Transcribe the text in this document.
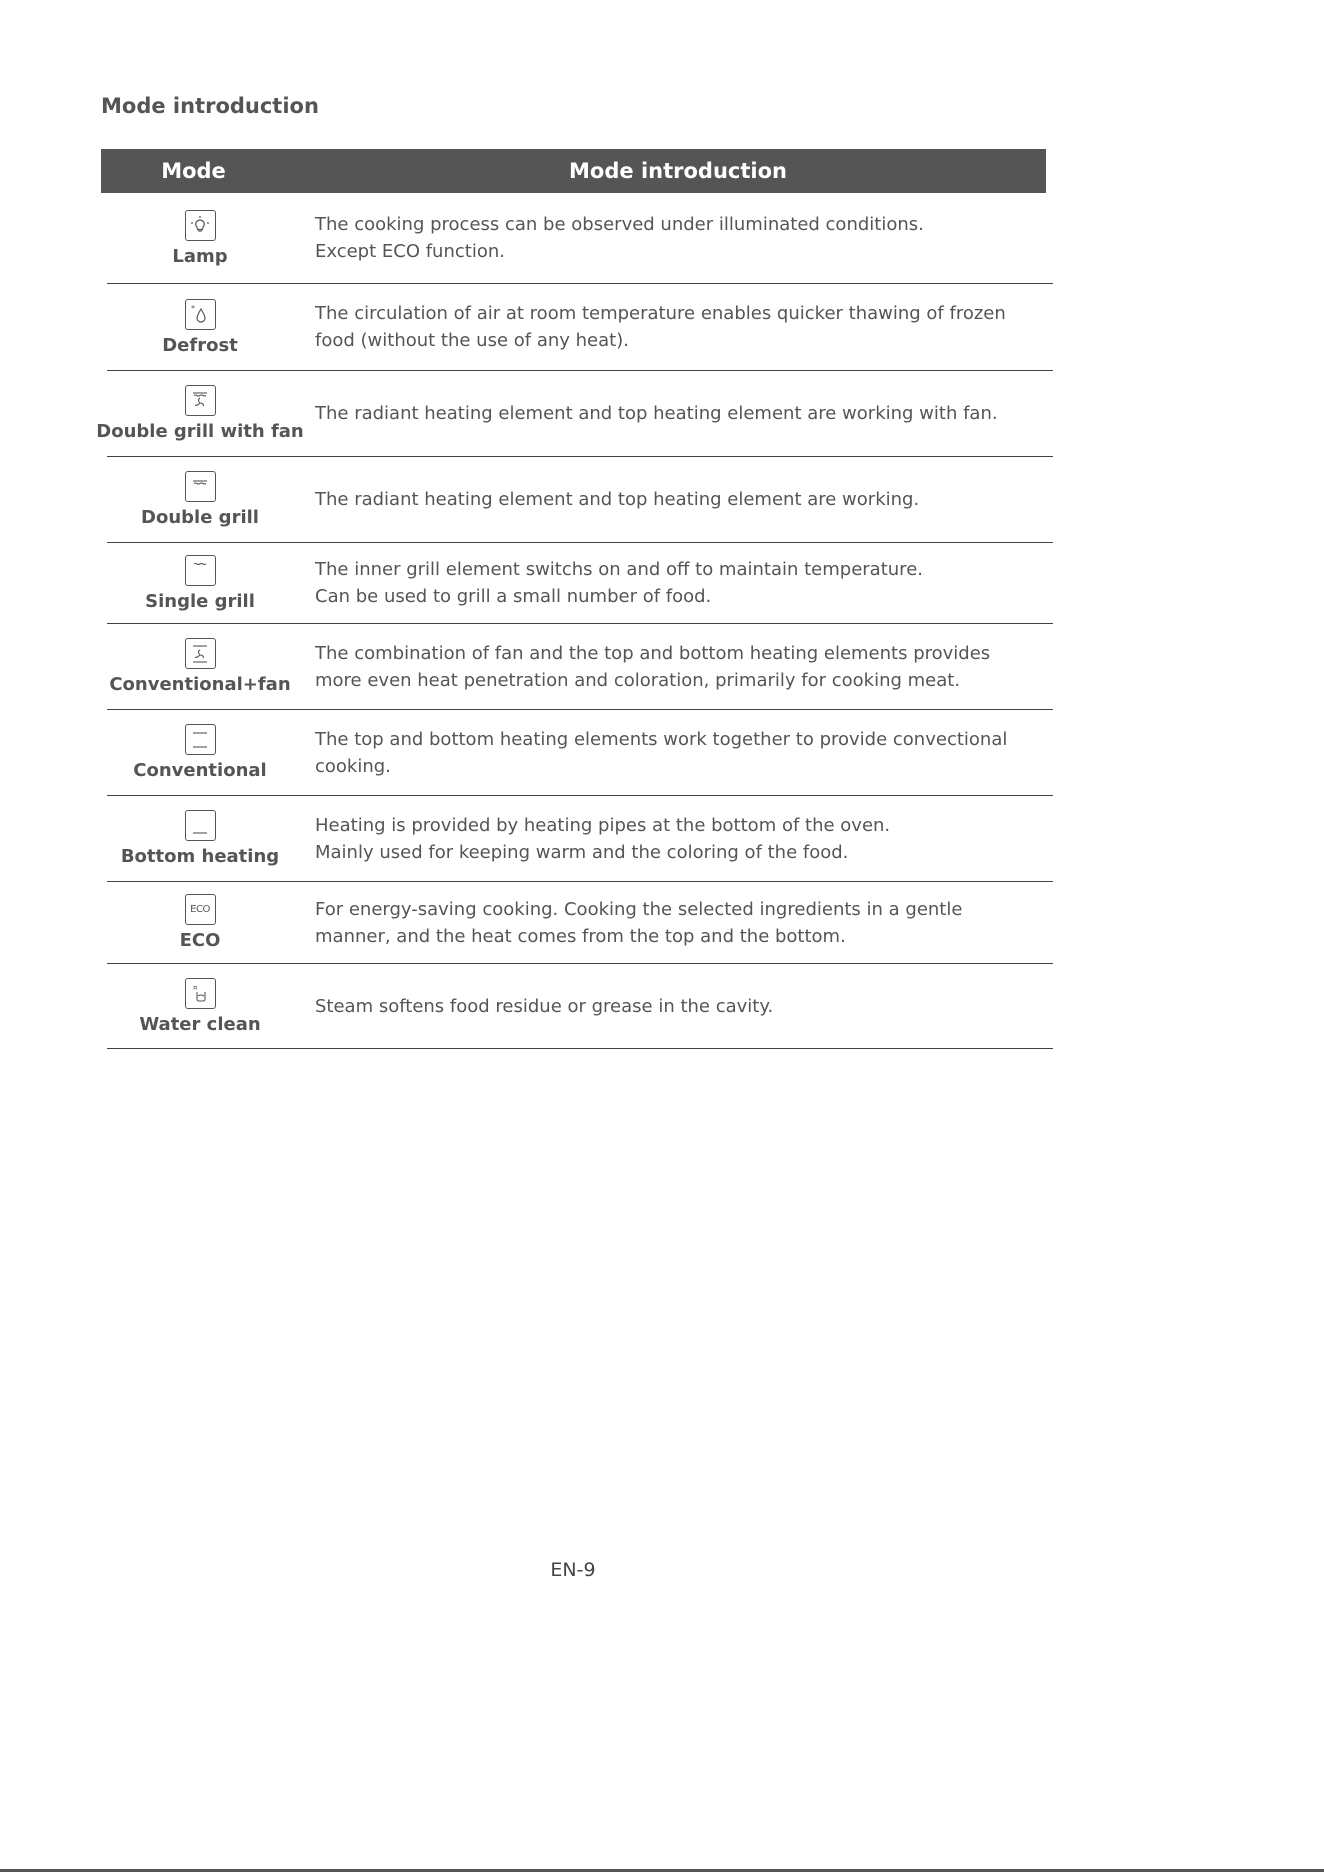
Mode introduction
Mode	Mode introduction
Lamp
The cooking process can be observed under illuminated conditions.
Except ECO function.
*
Defrost
The circulation of air at room temperature enables quicker thawing of frozen
food (without the use of any heat).
Double grill with fan
The radiant heating element and top heating element are working with fan.
Double grill
The radiant heating element and top heating element are working.
Single grill
The inner grill element switchs on and off to maintain temperature.
Can be used to grill a small number of food.
Conventional+fan
The combination of fan and the top and bottom heating elements provides
more even heat penetration and coloration, primarily for cooking meat.
Conventional
The top and bottom heating elements work together to provide convectional
cooking.
Bottom heating
Heating is provided by heating pipes at the bottom of the oven.
Mainly used for keeping warm and the coloring of the food.
ECO
ECO
For energy-saving cooking. Cooking the selected ingredients in a gentle
manner, and the heat comes from the top and the bottom.
¤
Water clean
Steam softens food residue or grease in the cavity.
EN-9
